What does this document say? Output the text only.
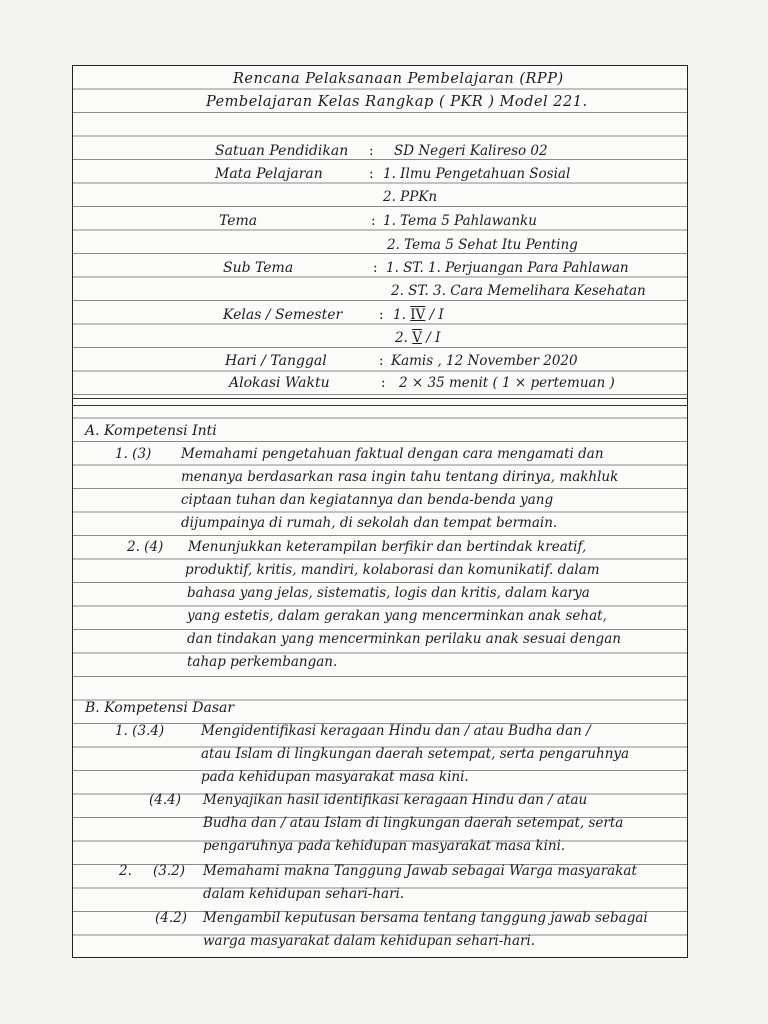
Rencana Pelaksanaan Pembelajaran (RPP)
Pembelajaran Kelas Rangkap ( PKR ) Model 221.
Satuan Pendidikan : SD Negeri Kalireso 02
Mata Pelajaran	: 1. Ilmu Pengetahuan Sosial
2. PPKn
Tema	: 1. Tema 5 Pahlawanku
2. Tema 5 Sehat Itu Penting
Sub Tema	: 1. ST. 1. Perjuangan Para Pahlawan
2. ST. 3. Cara Memelihara Kesehatan
Kelas / Semester	: 1. IV / I
2. V / I
Hari / Tanggal	: Kamis , 12 November 2020
Alokasi Waktu	: 2 × 35 menit ( 1 × pertemuan )
A. Kompetensi Inti
1. (3) Memahami pengetahuan faktual dengan cara mengamati dan
menanya berdasarkan rasa ingin tahu tentang dirinya, makhluk
ciptaan tuhan dan kegiatannya dan benda-benda yang
dijumpainya di rumah, di sekolah dan tempat bermain.
2. (4) Menunjukkan keterampilan berfikir dan bertindak kreatif,
produktif, kritis, mandiri, kolaborasi dan komunikatif. dalam
bahasa yang jelas, sistematis, logis dan kritis, dalam karya
yang estetis, dalam gerakan yang mencerminkan anak sehat,
dan tindakan yang mencerminkan perilaku anak sesuai dengan
tahap perkembangan.
B. Kompetensi Dasar
1. (3.4)	Mengidentifikasi keragaan Hindu dan / atau Budha dan /
atau Islam di lingkungan daerah setempat, serta pengaruhnya
pada kehidupan masyarakat masa kini.
(4.4) Menyajikan hasil identifikasi keragaan Hindu dan / atau
Budha dan / atau Islam di lingkungan daerah setempat, serta
pengaruhnya pada kehidupan masyarakat masa kini.
2. (3.2) Memahami makna Tanggung Jawab sebagai Warga masyarakat
dalam kehidupan sehari-hari.
(4.2) Mengambil keputusan bersama tentang tanggung jawab sebagai
warga masyarakat dalam kehidupan sehari-hari.
